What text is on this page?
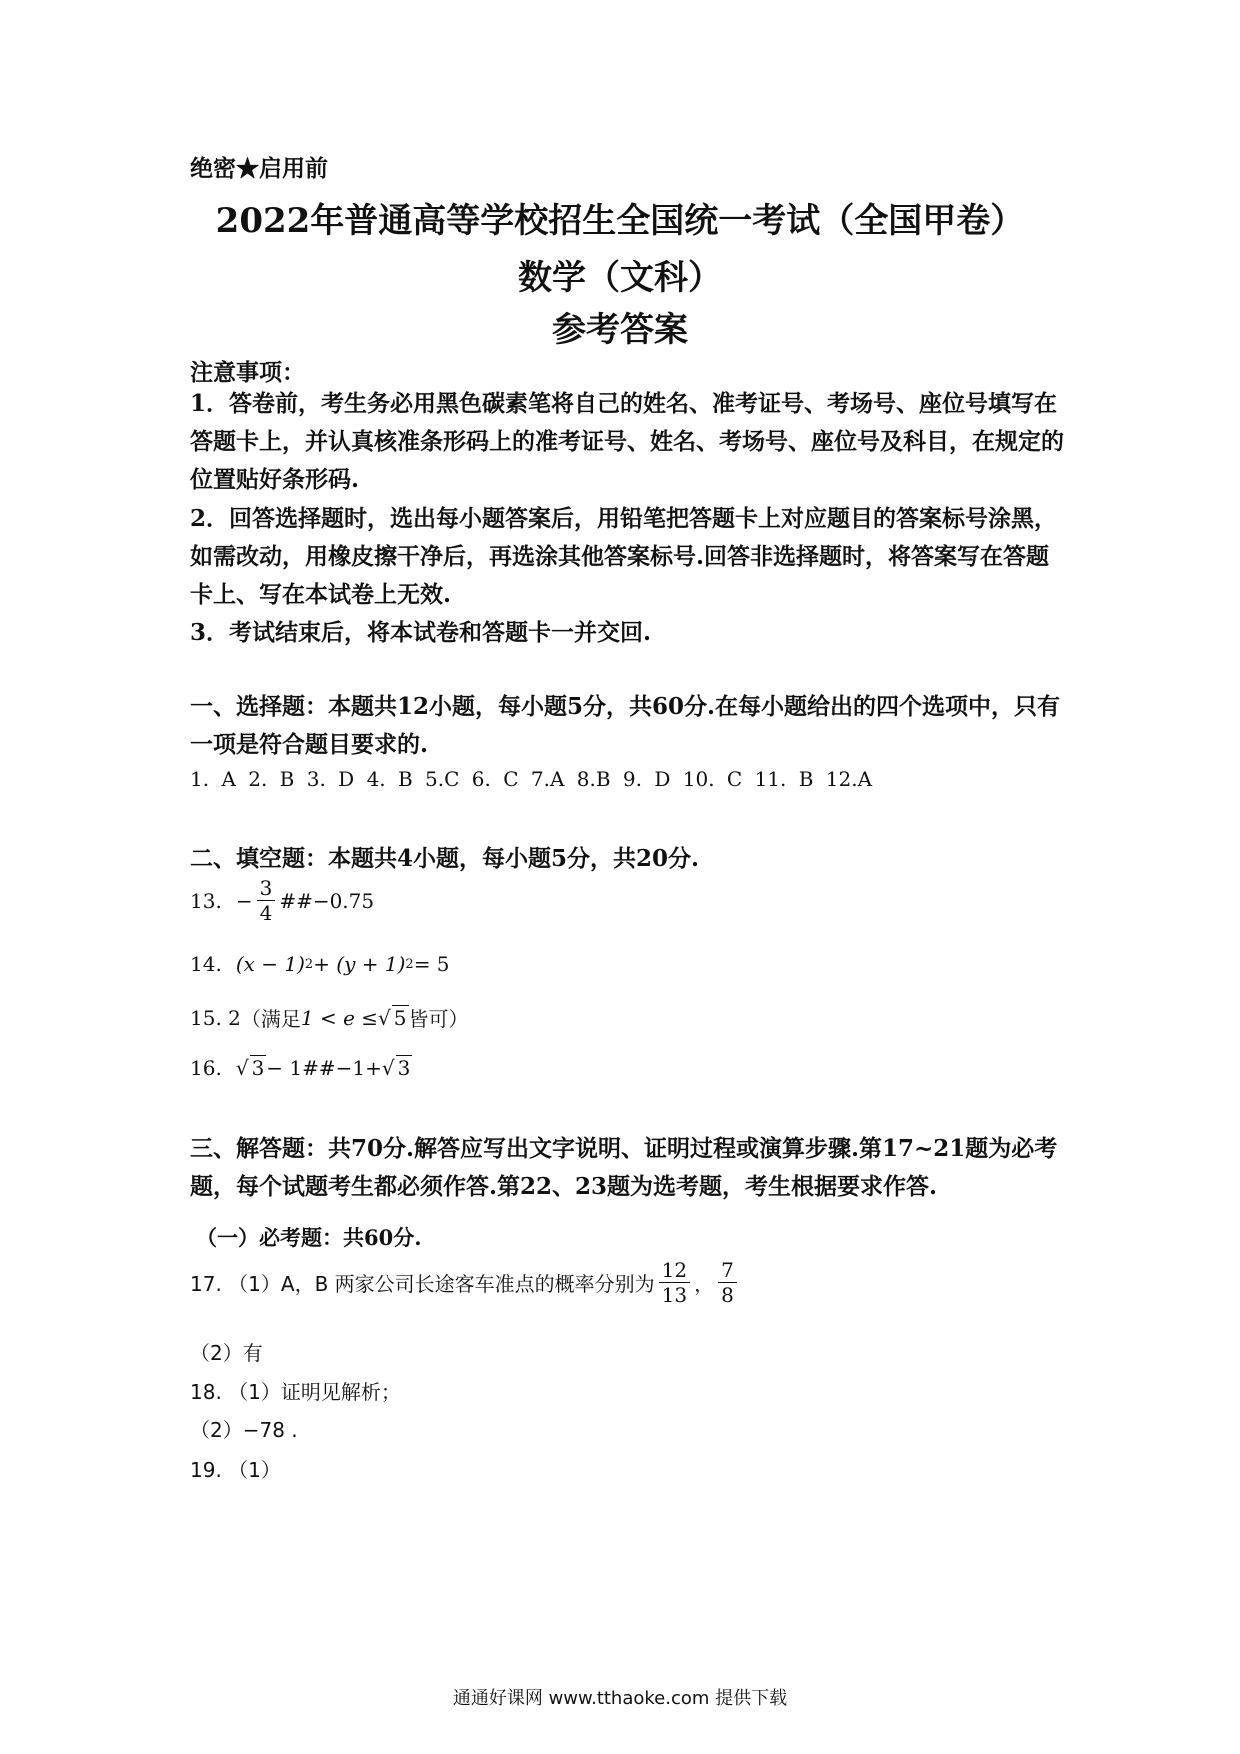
绝密★启用前
2022年普通高等学校招生全国统一考试（全国甲卷）
数学（文科）
参考答案
注意事项：
1．答卷前，考生务必用黑色碳素笔将自己的姓名、准考证号、考场号、座位号填写在答题卡上，并认真核准条形码上的准考证号、姓名、考场号、座位号及科目，在规定的位置贴好条形码.
2．回答选择题时，选出每小题答案后，用铅笔把答题卡上对应题目的答案标号涂黑，如需改动，用橡皮擦干净后，再选涂其他答案标号.回答非选择题时，将答案写在答题卡上、写在本试卷上无效.
3．考试结束后，将本试卷和答题卡一并交回.
一、选择题：本题共12小题，每小题5分，共60分.在每小题给出的四个选项中，只有一项是符合题目要求的.
1. A 2. B 3. D 4. B 5.C 6. C 7.A 8.B 9. D 10. C 11. B 12.A
二、填空题：本题共4小题，每小题5分，共20分.
13. − $\frac{3}{4}$ ##−0.75
14. (x − 1) 2 + (y + 1) 2 = 5
15. 2 （满足 1 < e ≤ √ 5 皆可）
16. √ 3 − 1##−1+ √ 3
三、解答题：共70分.解答应写出文字说明、证明过程或演算步骤.第17~21题为必考题，每个试题考生都必须作答.第22、23题为选考题，考生根据要求作答.
（一）必考题：共60分.
17. （1）A，B 两家公司长途客车准点的概率分别为 $\frac{12}{13}$ ， $\frac{7}{8}$
（2）有
18. （1）证明见解析；
（2）−78 .
19. （1）
通通好课网 www.tthaoke.com 提供下载
